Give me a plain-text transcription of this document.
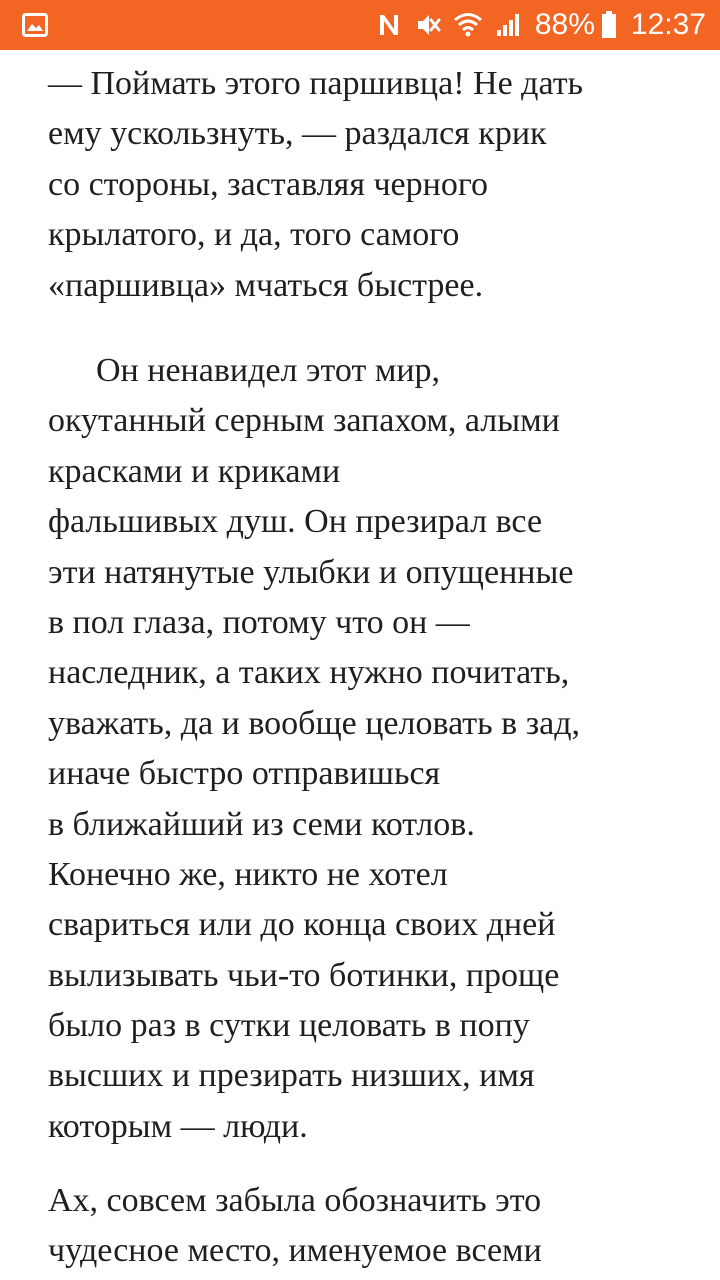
88% 12:37
— Поймать этого паршивца! Не дать
ему ускользнуть, — раздался крик
со стороны, заставляя черного
крылатого, и да, того самого
«паршивца» мчаться быстрее.
Он ненавидел этот мир,
окутанный серным запахом, алыми
красками и криками
фальшивых душ. Он презирал все
эти натянутые улыбки и опущенные
в пол глаза, потому что он —
наследник, а таких нужно почитать,
уважать, да и вообще целовать в зад,
иначе быстро отправишься
в ближайший из семи котлов.
Конечно же, никто не хотел
свариться или до конца своих дней
вылизывать чьи-то ботинки, проще
было раз в сутки целовать в попу
высших и презирать низших, имя
которым — люди.
Ах, совсем забыла обозначить это
чудесное место, именуемое всеми
